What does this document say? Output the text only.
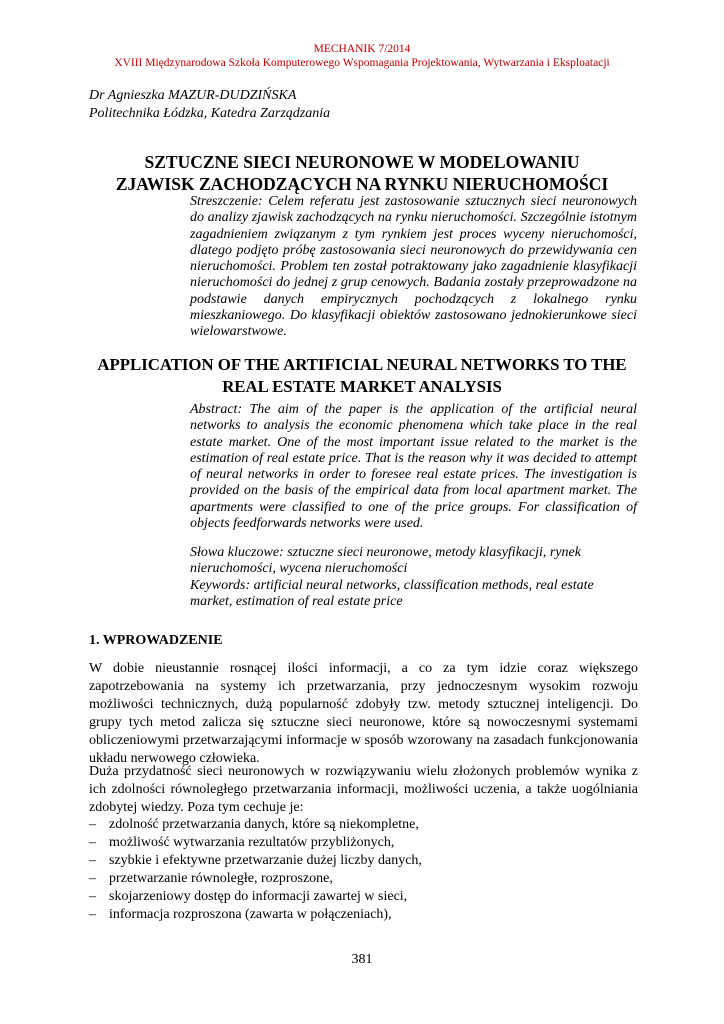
MECHANIK 7/2014
XVIII Międzynarodowa Szkoła Komputerowego Wspomagania Projektowania, Wytwarzania i Eksploatacji
Dr Agnieszka MAZUR-DUDZIŃSKA
Politechnika Łódzka, Katedra Zarządzania
SZTUCZNE SIECI NEURONOWE W MODELOWANIU
ZJAWISK ZACHODZĄCYCH NA RYNKU NIERUCHOMOŚCI
Streszczenie: Celem referatu jest zastosowanie sztucznych sieci neuronowych do analizy zjawisk zachodzących na rynku nieruchomości. Szczególnie istotnym zagadnieniem związanym z tym rynkiem jest proces wyceny nieruchomości, dlatego podjęto próbę zastosowania sieci neuronowych do przewidywania cen nieruchomości. Problem ten został potraktowany jako zagadnienie klasyfikacji nieruchomości do jednej z grup cenowych. Badania zostały przeprowadzone na podstawie danych empirycznych pochodzących z lokalnego rynku mieszkaniowego. Do klasyfikacji obiektów zastosowano jednokierunkowe sieci wielowarstwowe.
APPLICATION OF THE ARTIFICIAL NEURAL NETWORKS TO THE
REAL ESTATE MARKET ANALYSIS
Abstract: The aim of the paper is the application of the artificial neural networks to analysis the economic phenomena which take place in the real estate market. One of the most important issue related to the market is the estimation of real estate price. That is the reason why it was decided to attempt of neural networks in order to foresee real estate prices. The investigation is provided on the basis of the empirical data from local apartment market. The apartments were classified to one of the price groups. For classification of objects feedforwards networks were used.
Słowa kluczowe: sztuczne sieci neuronowe, metody klasyfikacji, rynek nieruchomości, wycena nieruchomości
Keywords: artificial neural networks, classification methods, real estate market, estimation of real estate price
1. WPROWADZENIE
W dobie nieustannie rosnącej ilości informacji, a co za tym idzie coraz większego zapotrzebowania na systemy ich przetwarzania, przy jednoczesnym wysokim rozwoju możliwości technicznych, dużą popularność zdobyły tzw. metody sztucznej inteligencji. Do grupy tych metod zalicza się sztuczne sieci neuronowe, które są nowoczesnymi systemami obliczeniowymi przetwarzającymi informacje w sposób wzorowany na zasadach funkcjonowania układu nerwowego człowieka.
Duża przydatność sieci neuronowych w rozwiązywaniu wielu złożonych problemów wynika z ich zdolności równoległego przetwarzania informacji, możliwości uczenia, a także uogólniania zdobytej wiedzy. Poza tym cechuje je:
– zdolność przetwarzania danych, które są niekompletne,
– możliwość wytwarzania rezultatów przybliżonych,
– szybkie i efektywne przetwarzanie dużej liczby danych,
– przetwarzanie równoległe, rozproszone,
– skojarzeniowy dostęp do informacji zawartej w sieci,
– informacja rozproszona (zawarta w połączeniach),
381
